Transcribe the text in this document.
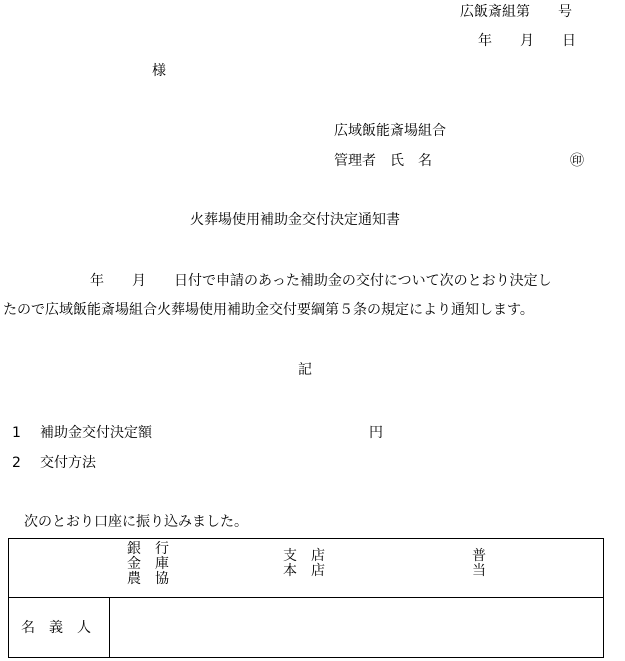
広飯斎組第　　号
年　　月　　日
様
広域飯能斎場組合
管理者　氏　名	㊞
火葬場使用補助金交付決定通知書
年　　月　　日付で申請のあった補助金の交付について次のとおり決定し
たので広域飯能斎場組合火葬場使用補助金交付要綱第５条の規定により通知します。
記
1 補助金交付決定額	円
2 交付方法
次のとおり口座に振り込みました。
銀　行
金　庫
農　協
支　店
本　店
普
当
名　義　人
